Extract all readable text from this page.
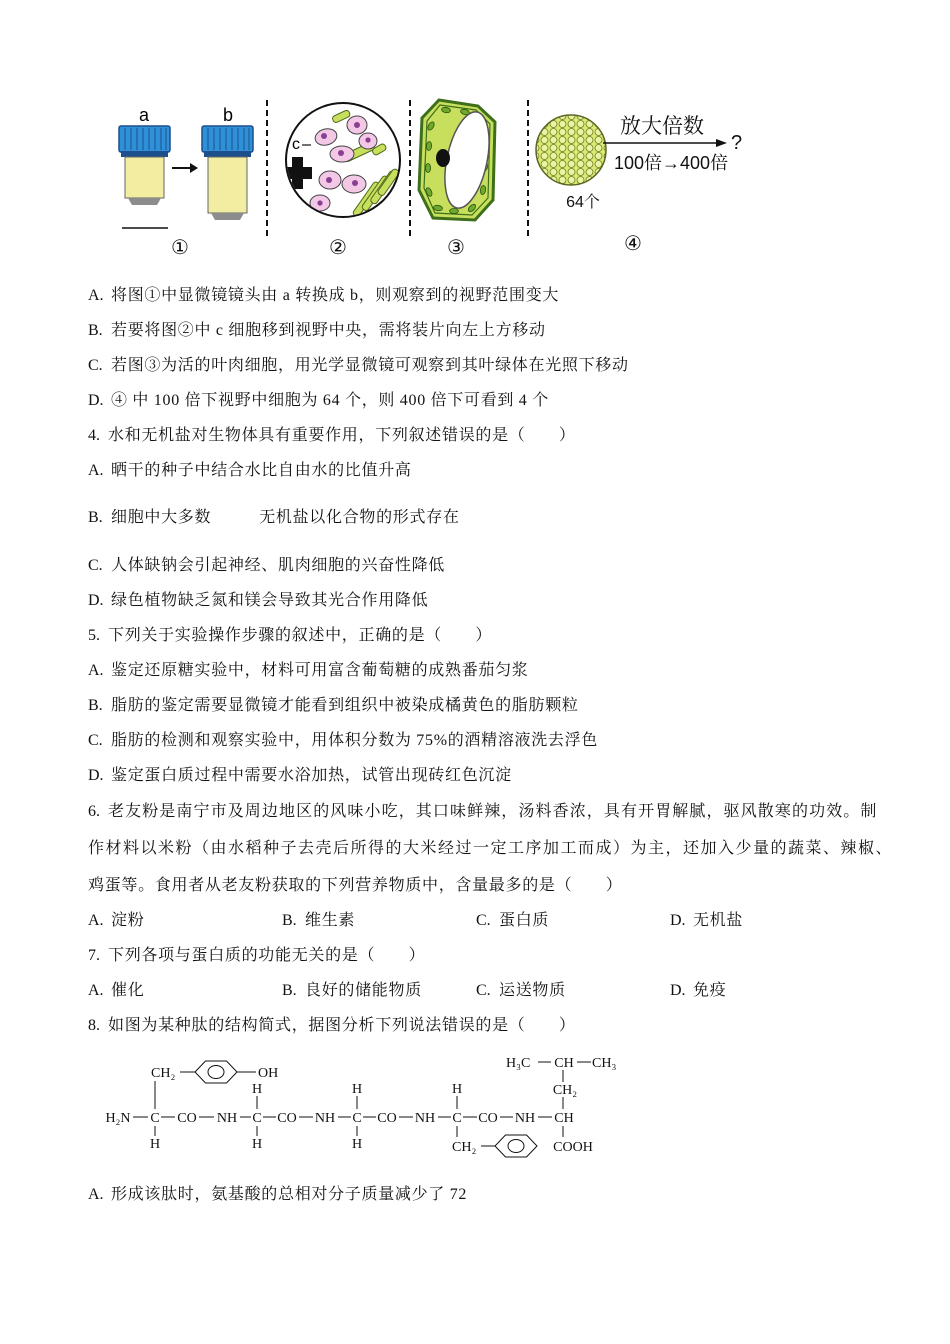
a	b
①
c
②	③
64个
放大倍数
?
100倍→400倍
④
A. 将图①中显微镜镜头由 a 转换成 b，则观察到的视野范围变大
B. 若要将图②中 c 细胞移到视野中央，需将装片向左上方移动
C. 若图③为活的叶肉细胞，用光学显微镜可观察到其叶绿体在光照下移动
D. ④ 中 100 倍下视野中细胞为 64 个，则 400 倍下可看到 4 个
4. 水和无机盐对生物体具有重要作用，下列叙述错误的是（　　）
A. 晒干的种子中结合水比自由水的比值升高
B. 细胞中大多数	无机盐以化合物的形式存在
C. 人体缺钠会引起神经、肌肉细胞的兴奋性降低
D. 绿色植物缺乏氮和镁会导致其光合作用降低
5. 下列关于实验操作步骤的叙述中，正确的是（　　）
A. 鉴定还原糖实验中，材料可用富含葡萄糖的成熟番茄匀浆
B. 脂肪的鉴定需要显微镜才能看到组织中被染成橘黄色的脂肪颗粒
C. 脂肪的检测和观察实验中，用体积分数为 75%的酒精溶液洗去浮色
D. 鉴定蛋白质过程中需要水浴加热，试管出现砖红色沉淀
6. 老友粉是南宁市及周边地区的风味小吃，其口味鲜辣，汤料香浓，具有开胃解腻，驱风散寒的功效。制
作材料以米粉（由水稻种子去壳后所得的大米经过一定工序加工而成）为主，还加入少量的蔬菜、辣椒、
鸡蛋等。食用者从老友粉获取的下列营养物质中，含量最多的是（　　）
A. 淀粉	B. 维生素	C. 蛋白质	D. 无机盐
7. 下列各项与蛋白质的功能无关的是（　　）
A. 催化	B. 良好的储能物质	C. 运送物质	D. 免疫
8. 如图为某种肽的结构简式，据图分析下列说法错误的是（　　）
H₂N C CO NH C CO NH C CO NH C CO NH CH
H	H	H
H	H	H
CH₂	OH
CH₂
CH₂
H₃C CH CH₃
COOH
A. 形成该肽时，氨基酸的总相对分子质量减少了 72
